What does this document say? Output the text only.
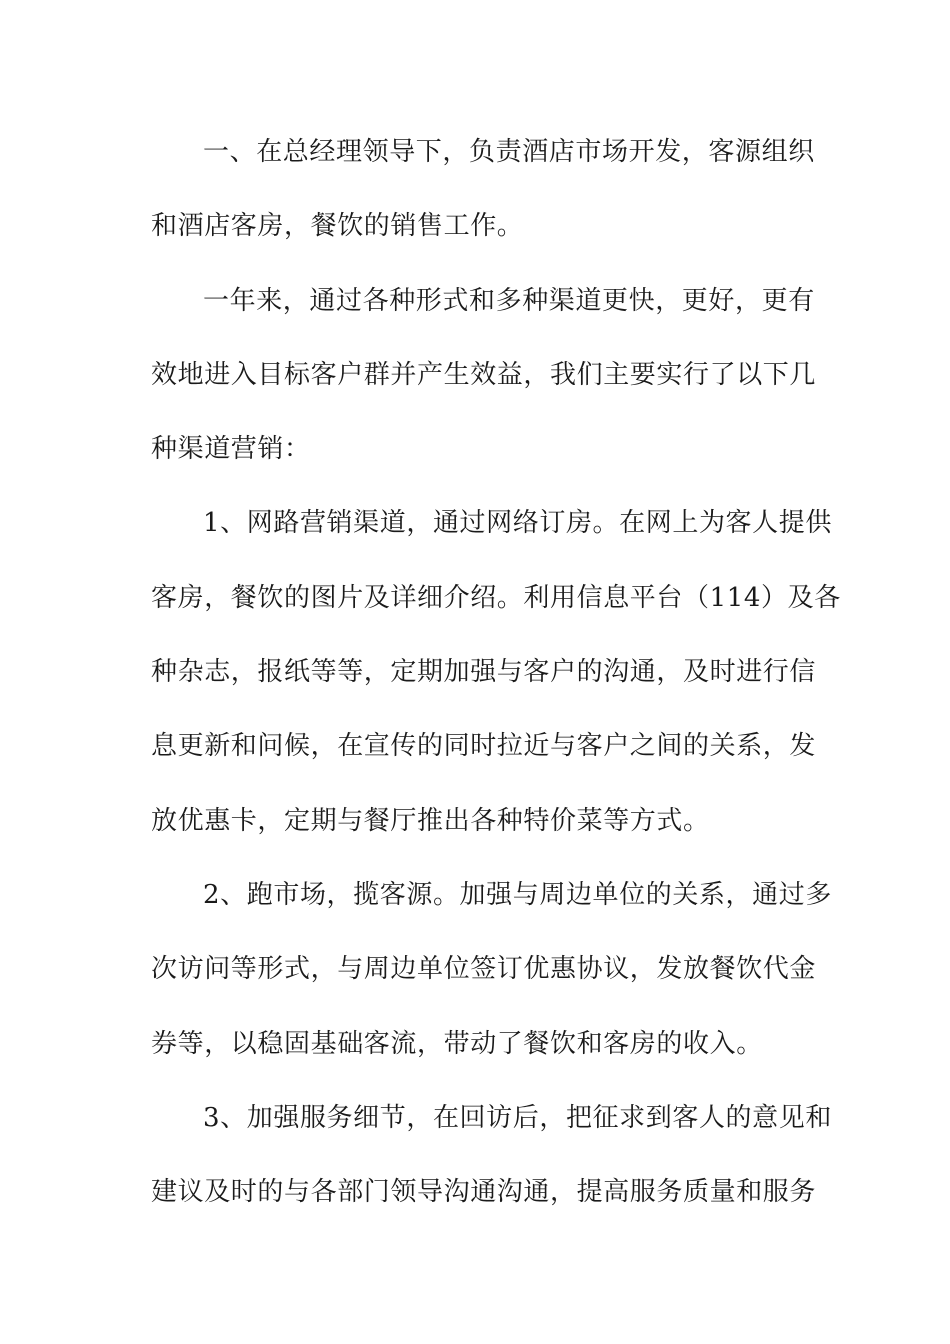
一、在总经理领导下，负责酒店市场开发，客源组织
和酒店客房，餐饮的销售工作。
一年来，通过各种形式和多种渠道更快，更好，更有
效地进入目标客户群并产生效益，我们主要实行了以下几
种渠道营销：
1、网路营销渠道，通过网络订房。在网上为客人提供
客房，餐饮的图片及详细介绍。利用信息平台（114）及各
种杂志，报纸等等，定期加强与客户的沟通，及时进行信
息更新和问候，在宣传的同时拉近与客户之间的关系，发
放优惠卡，定期与餐厅推出各种特价菜等方式。
2、跑市场，揽客源。加强与周边单位的关系，通过多
次访问等形式，与周边单位签订优惠协议，发放餐饮代金
券等，以稳固基础客流，带动了餐饮和客房的收入。
3、加强服务细节，在回访后，把征求到客人的意见和
建议及时的与各部门领导沟通沟通，提高服务质量和服务
